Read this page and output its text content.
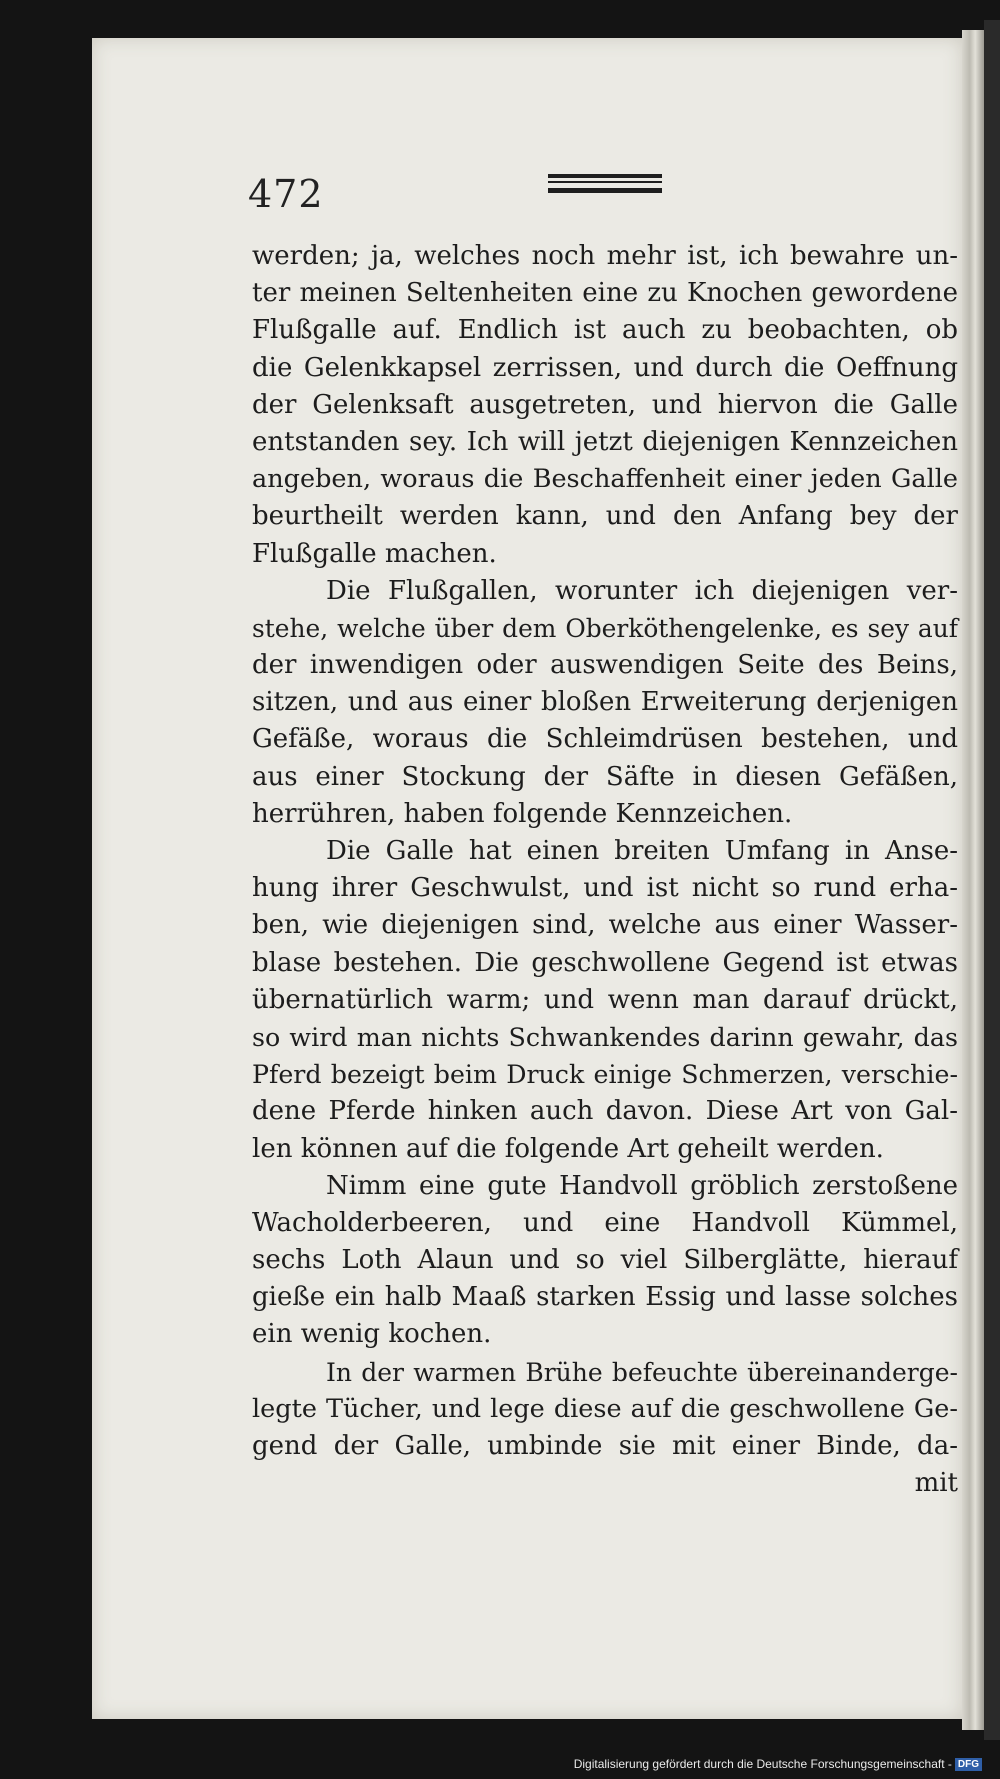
472
werden; ja, welches noch mehr ist, ich bewahre un-
ter meinen Seltenheiten eine zu Knochen gewordene
Flußgalle auf. Endlich ist auch zu beobachten, ob
die Gelenkkapsel zerrissen, und durch die Oeffnung
der Gelenksaft ausgetreten, und hiervon die Galle
entstanden sey. Ich will jetzt diejenigen Kennzeichen
angeben, woraus die Beschaffenheit einer jeden Galle
beurtheilt werden kann, und den Anfang bey der
Flußgalle machen.
Die Flußgallen, worunter ich diejenigen ver-
stehe, welche über dem Oberköthengelenke, es sey auf
der inwendigen oder auswendigen Seite des Beins,
sitzen, und aus einer bloßen Erweiterung derjenigen
Gefäße, woraus die Schleimdrüsen bestehen, und
aus einer Stockung der Säfte in diesen Gefäßen,
herrühren, haben folgende Kennzeichen.
Die Galle hat einen breiten Umfang in Anse-
hung ihrer Geschwulst, und ist nicht so rund erha-
ben, wie diejenigen sind, welche aus einer Wasser-
blase bestehen. Die geschwollene Gegend ist etwas
übernatürlich warm; und wenn man darauf drückt,
so wird man nichts Schwankendes darinn gewahr, das
Pferd bezeigt beim Druck einige Schmerzen, verschie-
dene Pferde hinken auch davon. Diese Art von Gal-
len können auf die folgende Art geheilt werden.
Nimm eine gute Handvoll gröblich zerstoßene
Wacholderbeeren, und eine Handvoll Kümmel,
sechs Loth Alaun und so viel Silberglätte, hierauf
gieße ein halb Maaß starken Essig und lasse solches
ein wenig kochen.
In der warmen Brühe befeuchte übereinanderge-
legte Tücher, und lege diese auf die geschwollene Ge-
gend der Galle, umbinde sie mit einer Binde, da-
mit
Digitalisierung gefördert durch die Deutsche Forschungsgemeinschaft - DFG
